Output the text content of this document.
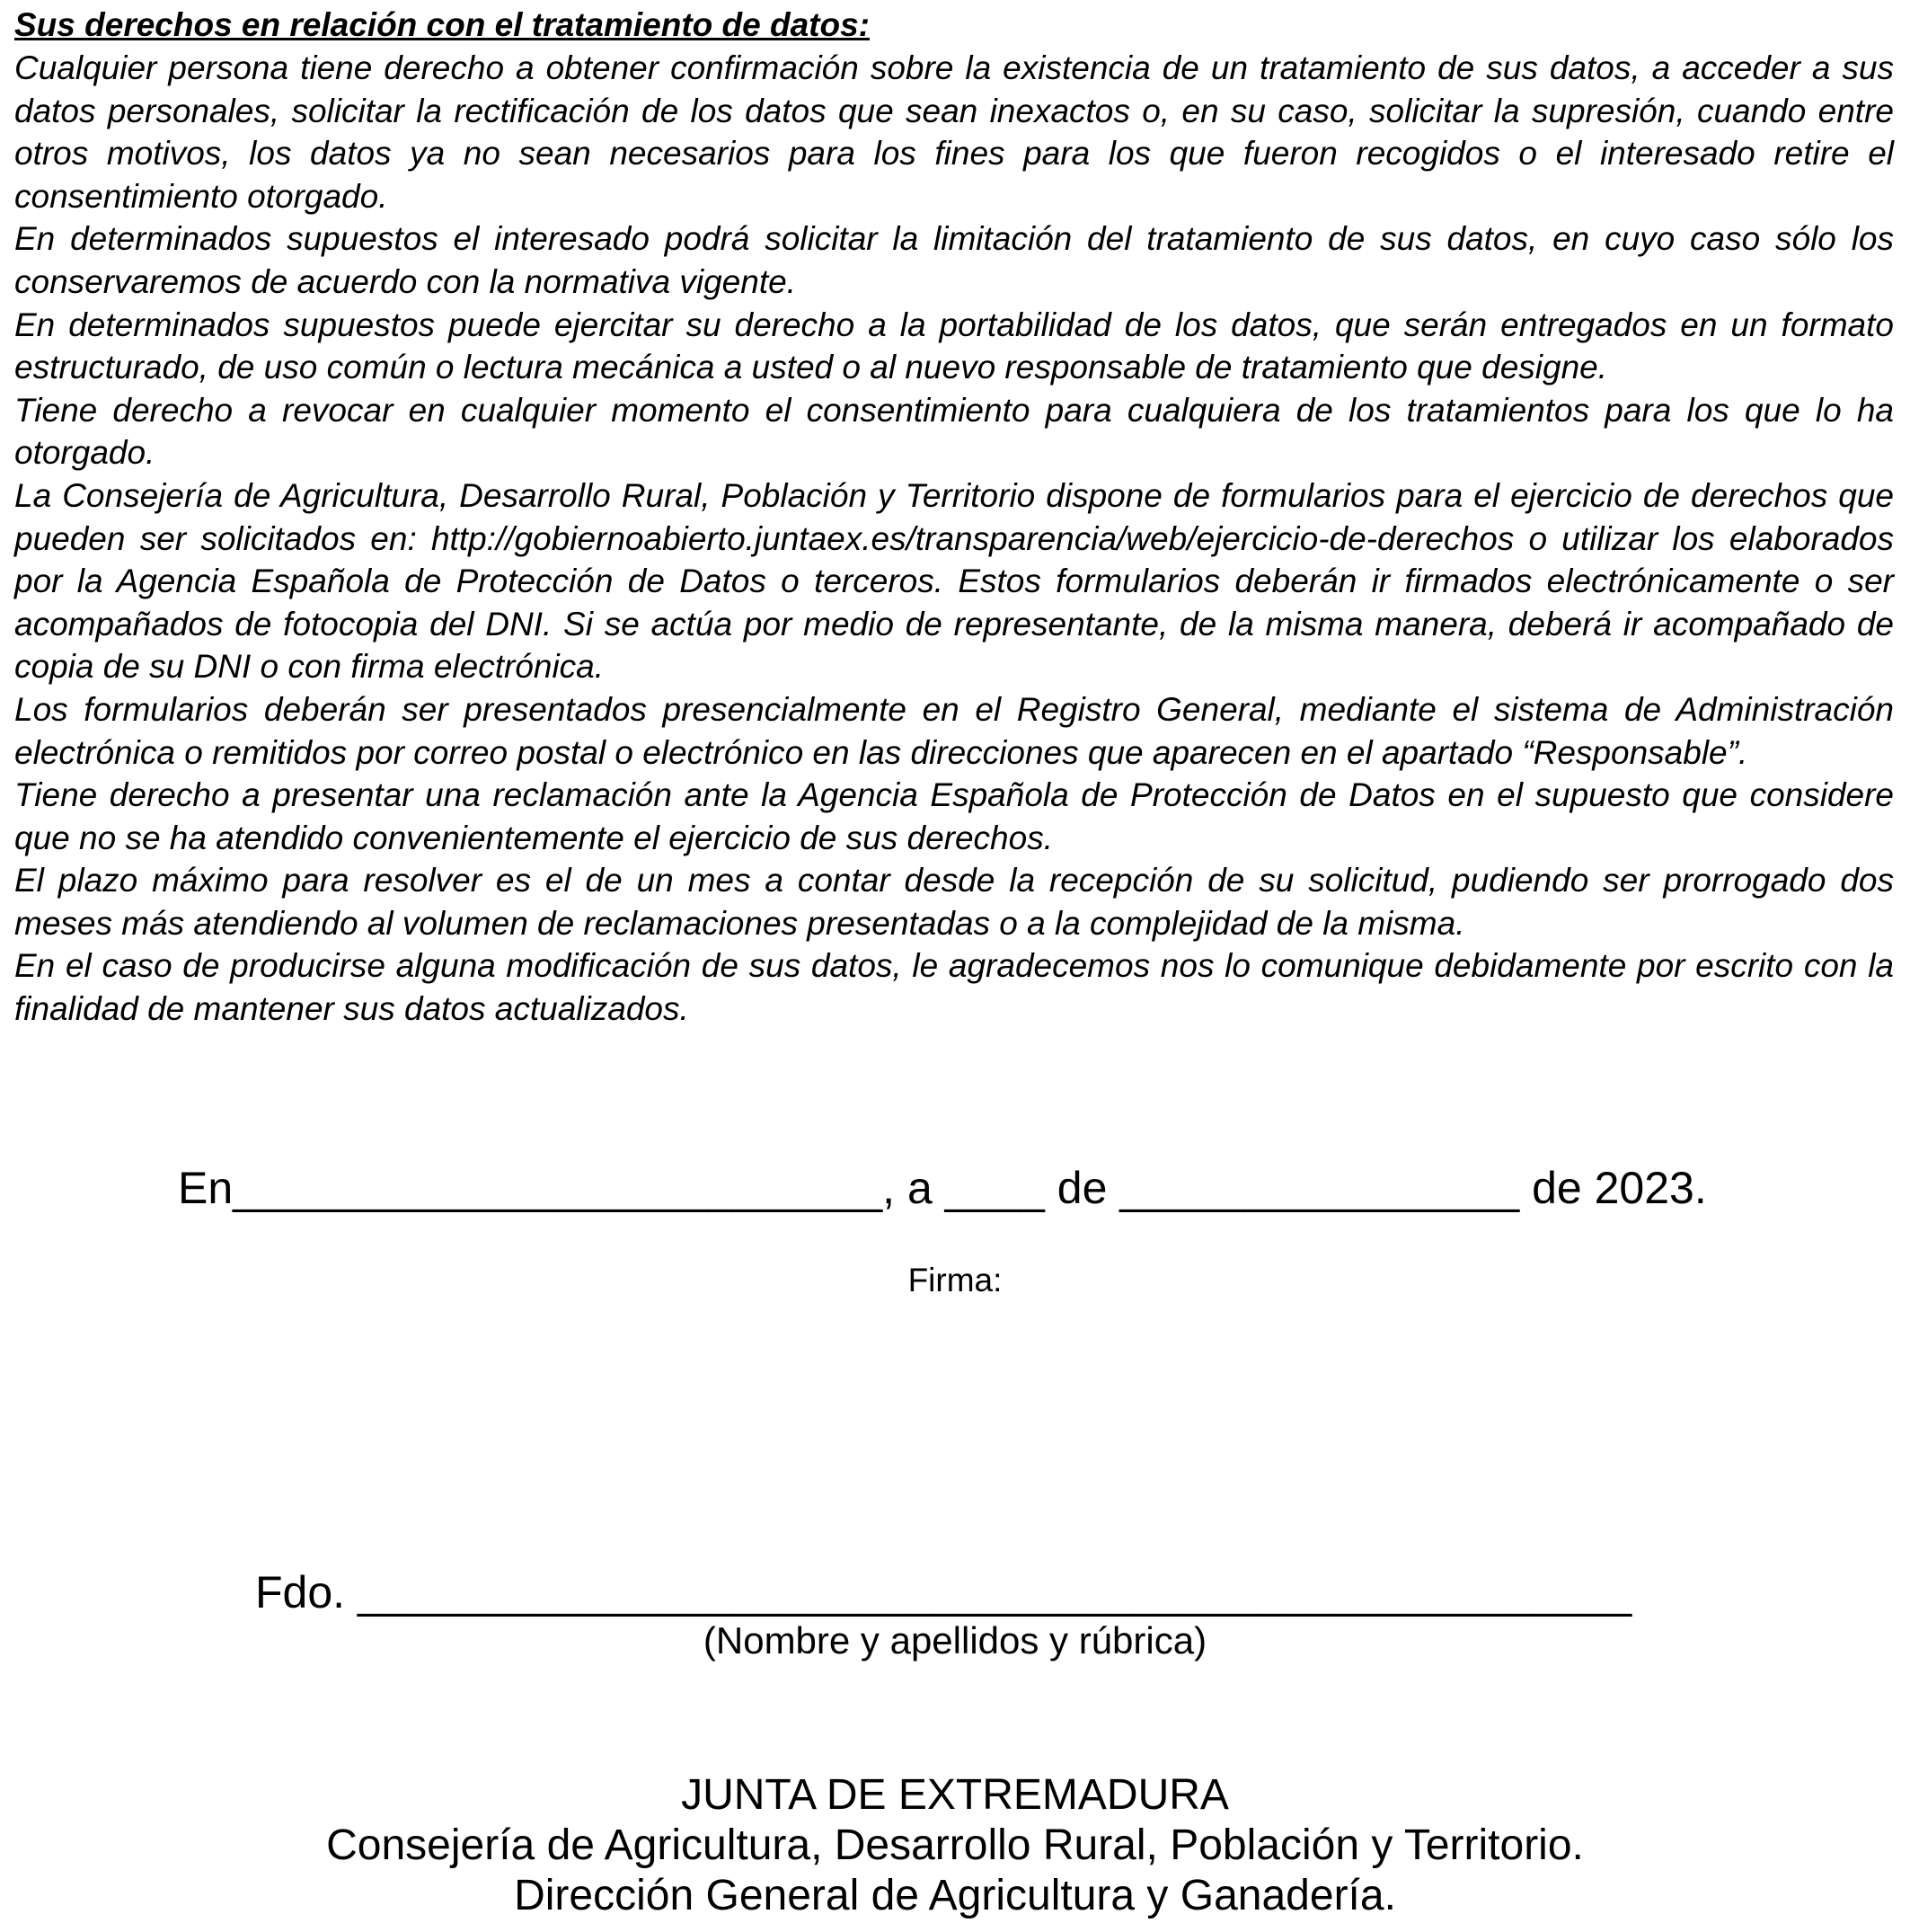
Sus derechos en relación con el tratamiento de datos:

Cualquier persona tiene derecho a obtener confirmación sobre la existencia de un tratamiento de sus datos, a acceder a sus datos personales, solicitar la rectificación de los datos que sean inexactos o, en su caso, solicitar la supresión, cuando entre otros motivos, los datos ya no sean necesarios para los fines para los que fueron recogidos o el interesado retire el consentimiento otorgado.

En determinados supuestos el interesado podrá solicitar la limitación del tratamiento de sus datos, en cuyo caso sólo los conservaremos de acuerdo con la normativa vigente.

En determinados supuestos puede ejercitar su derecho a la portabilidad de los datos, que serán entregados en un formato estructurado, de uso común o lectura mecánica a usted o al nuevo responsable de tratamiento que designe.

Tiene derecho a revocar en cualquier momento el consentimiento para cualquiera de los tratamientos para los que lo ha otorgado.

La Consejería de Agricultura, Desarrollo Rural, Población y Territorio dispone de formularios para el ejercicio de derechos que pueden ser solicitados en: http://gobiernoabierto.juntaex.es/transparencia/web/ejercicio-de-derechos o utilizar los elaborados por la Agencia Española de Protección de Datos o terceros. Estos formularios deberán ir firmados electrónicamente o ser acompañados de fotocopia del DNI. Si se actúa por medio de representante, de la misma manera, deberá ir acompañado de copia de su DNI o con firma electrónica.

Los formularios deberán ser presentados presencialmente en el Registro General, mediante el sistema de Administración electrónica o remitidos por correo postal o electrónico en las direcciones que aparecen en el apartado “Responsable”.

Tiene derecho a presentar una reclamación ante la Agencia Española de Protección de Datos en el supuesto que considere que no se ha atendido convenientemente el ejercicio de sus derechos.

El plazo máximo para resolver es el de un mes a contar desde la recepción de su solicitud, pudiendo ser prorrogado dos meses más atendiendo al volumen de reclamaciones presentadas o a la complejidad de la misma.

En el caso de producirse alguna modificación de sus datos, le agradecemos nos lo comunique debidamente por escrito con la finalidad de mantener sus datos actualizados.

En__________________________, a ____ de ________________ de 2023.
Firma:
Fdo. ___________________________________________________
(Nombre y apellidos y rúbrica)
JUNTA DE EXTREMADURA
Consejería de Agricultura, Desarrollo Rural, Población y Territorio.
Dirección General de Agricultura y Ganadería.
